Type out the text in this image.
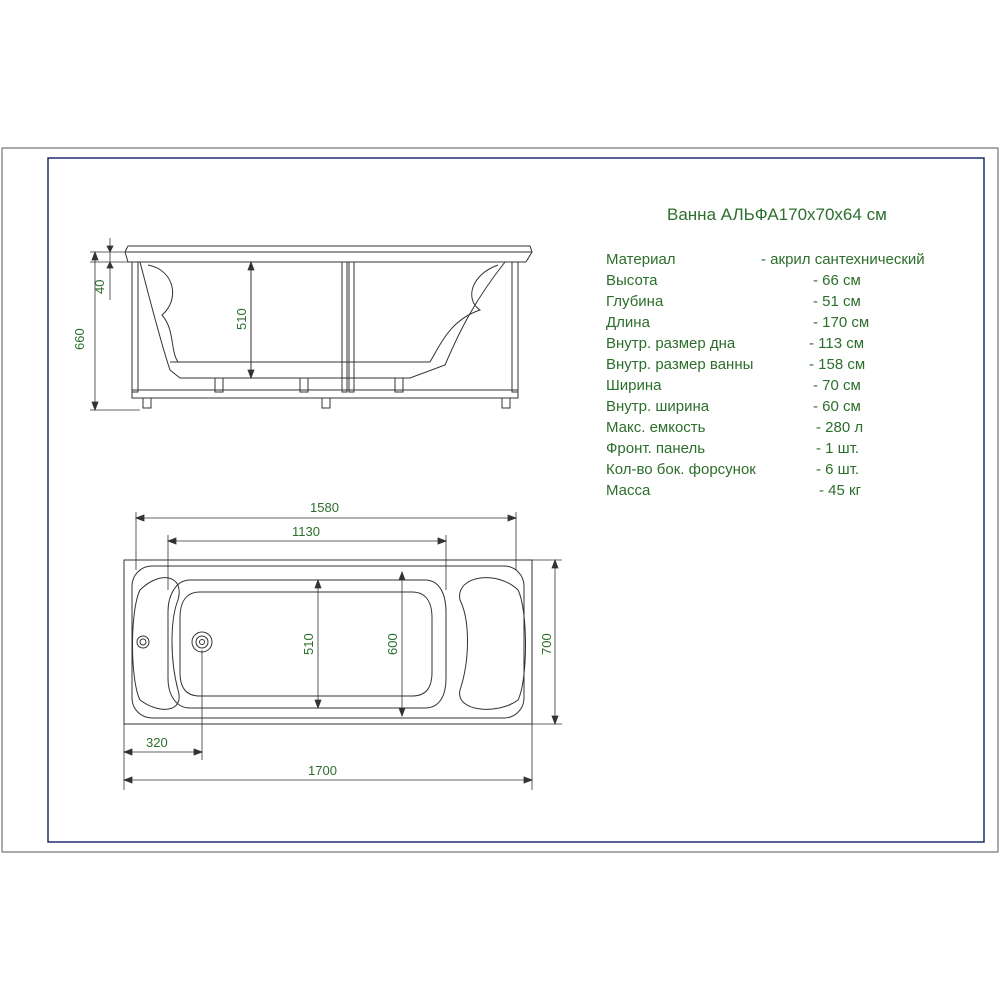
660
40
510
1580
1130
510	600	700
320
1700
Ванна АЛЬФА170х70х64 см
Материал	- акрил сантехнический
Высота	- 66 см
Глубина	- 51 см
Длина	- 170 см
Внутр. размер дна	- 113 см
Внутр. размер ванны	- 158 см
Ширина	- 70 см
Внутр. ширина	- 60 см
Макс. емкость	- 280 л
Фронт. панель	- 1 шт.
Кол-во бок. форсунок	- 6 шт.
Масса	- 45 кг
